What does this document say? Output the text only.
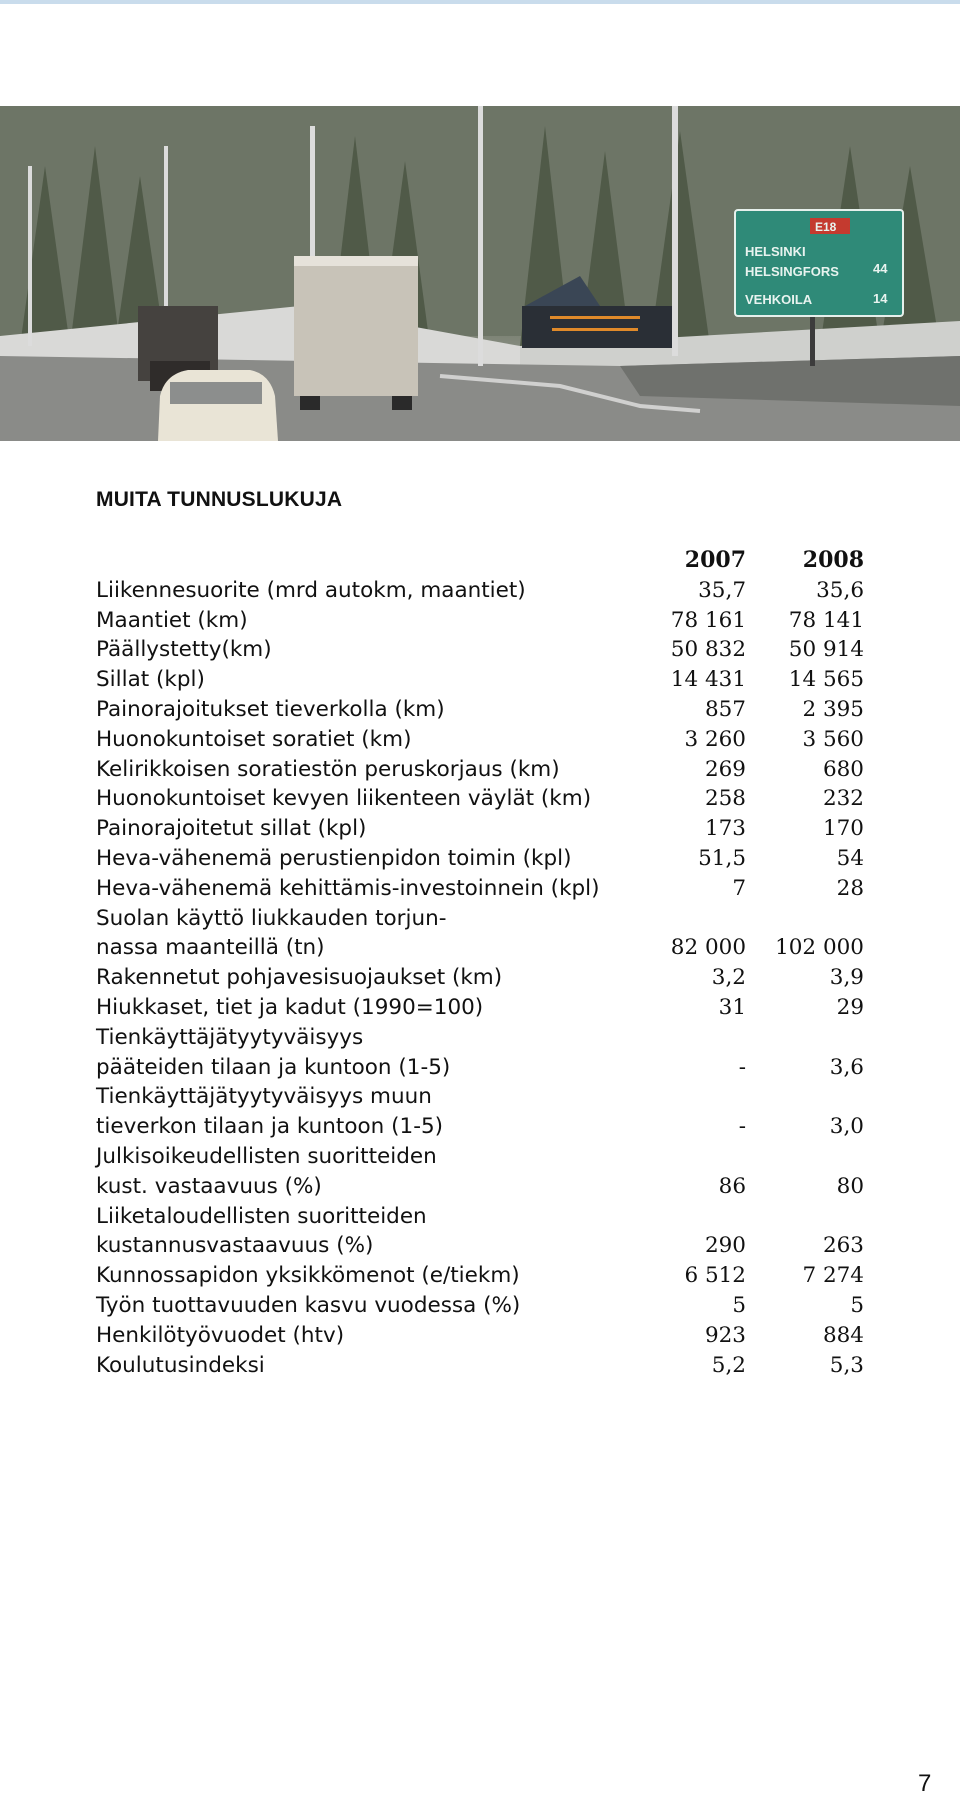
E18
HELSINKI
HELSINGFORS
VEHKOILA
44
14
MUITA TUNNUSLUKUJA
	2007	2008

Liikennesuorite (mrd autokm, maantiet)	35,7	35,6

Maantiet (km)	78 161	78 141

Päällystetty(km)	50 832	50 914

Sillat (kpl)	14 431	14 565

Painorajoitukset tieverkolla (km)	857	2 395

Huonokuntoiset soratiet (km)	3 260	3 560

Kelirikkoisen soratiestön peruskorjaus (km)	269	680

Huonokuntoiset kevyen liikenteen väylät (km)	258	232

Painorajoitetut sillat (kpl)	173	170

Heva-vähenemä perustienpidon toimin (kpl)	51,5	54

Heva-vähenemä kehittämis-investoinnein (kpl)	7	28

Suolan käyttö liukkauden torjun-
nassa maanteillä (tn)	82 000	102 000

Rakennetut pohjavesisuojaukset (km)	3,2	3,9

Hiukkaset, tiet ja kadut (1990=100)	31	29

Tienkäyttäjätyytyväisyys
pääteiden tilaan ja kuntoon (1-5)	-	3,6

Tienkäyttäjätyytyväisyys muun
tieverkon tilaan ja kuntoon (1-5)	-	3,0

Julkisoikeudellisten suoritteiden
kust. vastaavuus (%)	86	80

Liiketaloudellisten suoritteiden
kustannusvastaavuus (%)	290	263

Kunnossapidon yksikkömenot (e/tiekm)	6 512	7 274

Työn tuottavuuden kasvu vuodessa (%)	5	5

Henkilötyövuodet (htv)	923	884

Koulutusindeksi	5,2	5,3
7
